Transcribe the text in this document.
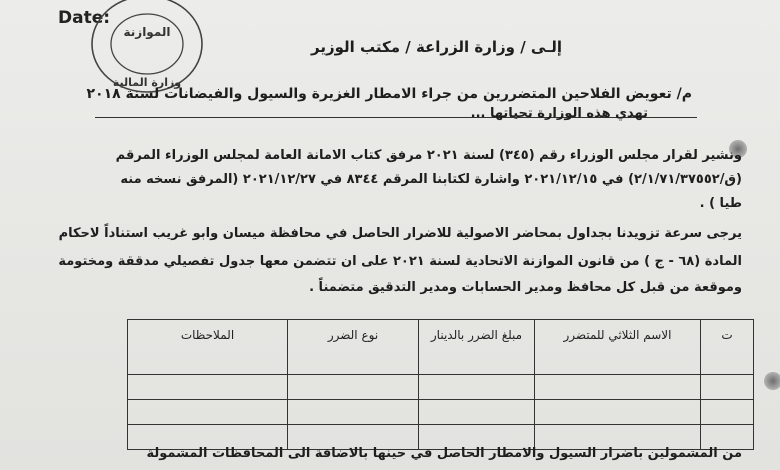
Date:
الموازنة
وزارة المالية
إلـى / وزارة الزراعة / مكتب الوزير
م/ تعويض الفلاحين المتضررين من جراء الامطار الغزيرة والسيول والفيضانات لسنة ٢٠١٨
تهدي هذه الوزارة تحياتها ...
ونشير لقرار مجلس الوزراء رقم (٣٤٥) لسنة ٢٠٢١ مرفق كتاب الامانة العامة لمجلس الوزراء المرقم
(ق/٢/١/٧١/٣٧٥٥٢) في ٢٠٢١/١٢/١٥ واشارة لكتابنا المرقم ٨٣٤٤ في ٢٠٢١/١٢/٢٧ (المرفق نسخه منه
طيا ) .
يرجى سرعة تزويدنا بجداول بمحاضر الاصولية للاضرار الحاصل في محافظة ميسان وابو غريب استناداً لاحكام
المادة (٦٨ - ج ) من قانون الموازنة الاتحادية لسنة ٢٠٢١ على ان تتضمن معها جدول تفصيلي مدققة ومختومة
وموقعة من قبل كل محافظ ومدير الحسابات ومدير التدقيق متضمناً .
ت	الاسم الثلاثي للمتضرر	مبلغ الضرر بالدينار	نوع الضرر	الملاحظات

من المشمولين باضرار السيول والامطار الحاصل في حينها بالاضافة الى المحافظات المشمولة
